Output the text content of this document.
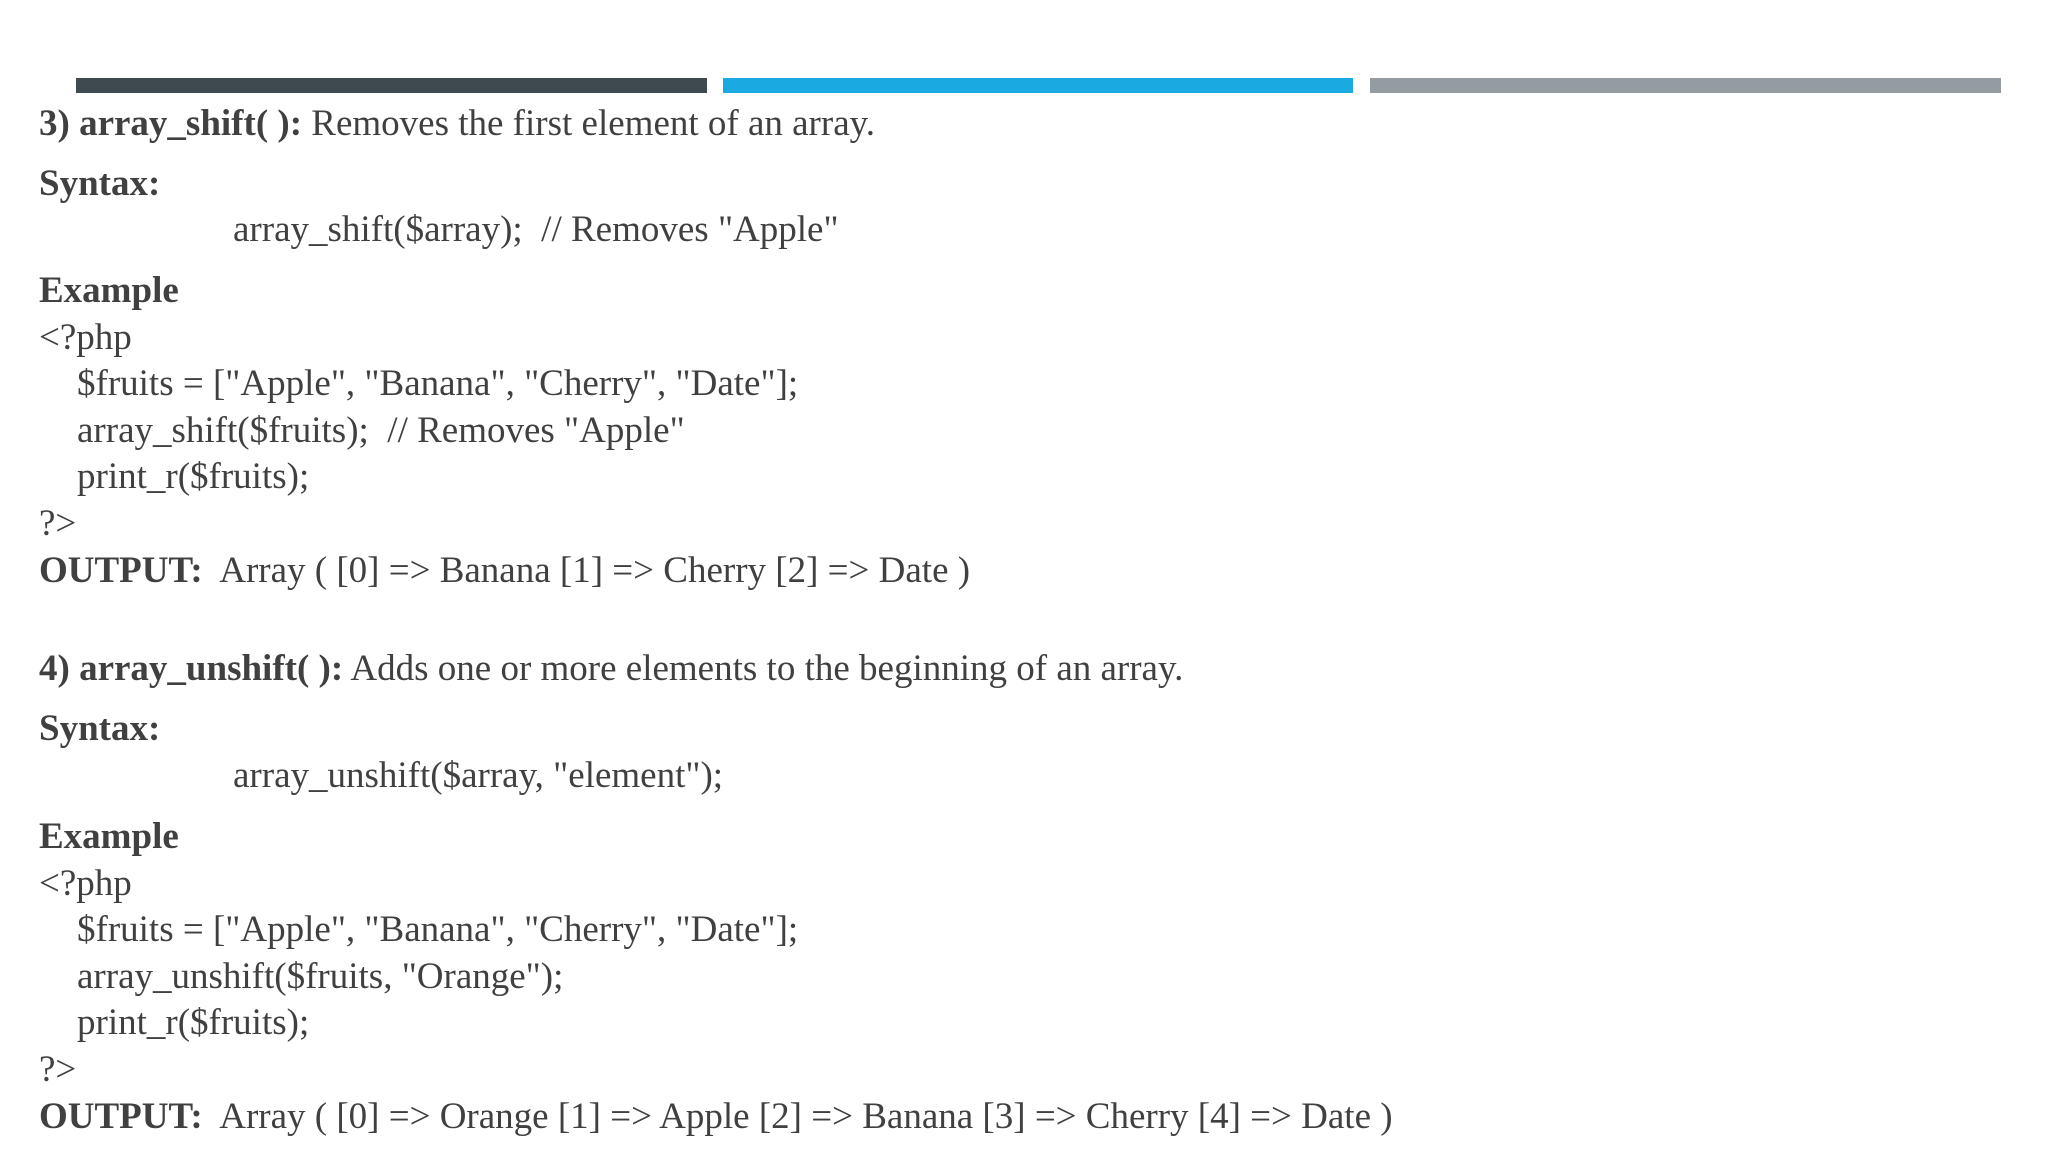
3) array_shift( ): Removes the first element of an array.
Syntax:
array_shift($array);  // Removes "Apple"
Example
<?php
$fruits = ["Apple", "Banana", "Cherry", "Date"];
array_shift($fruits);  // Removes "Apple"
print_r($fruits);
?>
OUTPUT:  Array ( [0] => Banana [1] => Cherry [2] => Date )
4) array_unshift( ): Adds one or more elements to the beginning of an array.
Syntax:
array_unshift($array, "element");
Example
<?php
$fruits = ["Apple", "Banana", "Cherry", "Date"];
array_unshift($fruits, "Orange");
print_r($fruits);
?>
OUTPUT:  Array ( [0] => Orange [1] => Apple [2] => Banana [3] => Cherry [4] => Date )
